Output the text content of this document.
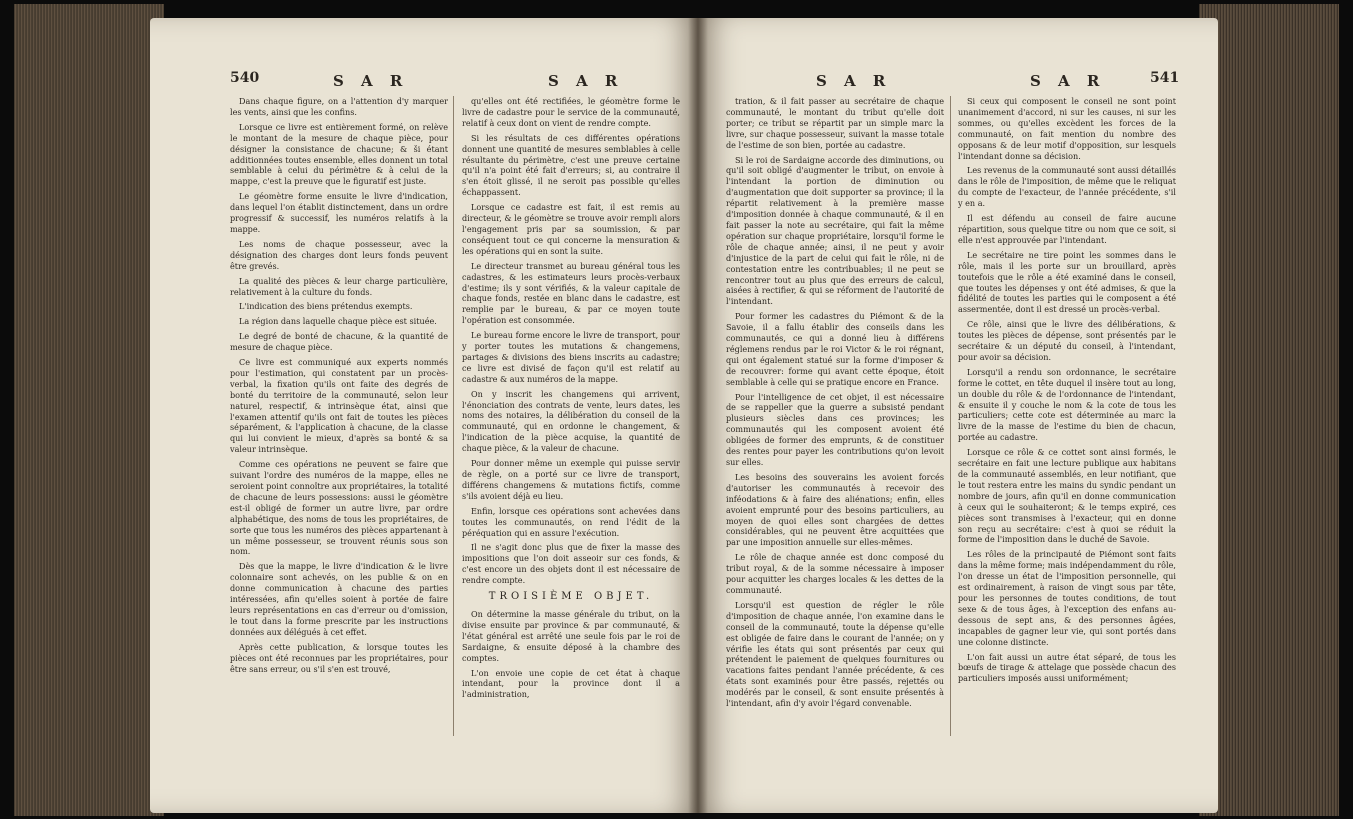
540	S A R	S A R

Dans chaque figure, on a l'attention d'y marquer les vents, ainsi que les confins.

Lorsque ce livre est entièrement formé, on relève le montant de la mesure de chaque pièce, pour désigner la consistance de chacune; & ši étant additionnées toutes ensemble, elles donnent un total semblable à celui du périmètre & à celui de la mappe, c'est la preuve que le figuratif est juste.

Le géomètre forme ensuite le livre d'indication, dans lequel l'on établit distinctement, dans un ordre progressif & successif, les numéros relatifs à la mappe.

Les noms de chaque possesseur, avec la désignation des charges dont leurs fonds peuvent être grevés.

La qualité des pièces & leur charge particulière, relativement à la culture du fonds.

L'indication des biens prétendus exempts.

La région dans laquelle chaque pièce est située.

Le degré de bonté de chacune, & la quantité de mesure de chaque pièce.

Ce livre est communiqué aux experts nommés pour l'estimation, qui constatent par un procès-verbal, la fixation qu'ils ont faite des degrés de bonté du territoire de la communauté, selon leur naturel, respectif, & intrinsèque état, ainsi que l'examen attentif qu'ils ont fait de toutes les pièces séparément, & l'application à chacune, de la classe qui lui convient le mieux, d'après sa bonté & sa valeur intrinsèque.

Comme ces opérations ne peuvent se faire que suivant l'ordre des numéros de la mappe, elles ne seroient point connoître aux propriétaires, la totalité de chacune de leurs possessions: aussi le géomètre est-il obligé de former un autre livre, par ordre alphabétique, des noms de tous les propriétaires, de sorte que tous les numéros des pièces appartenant à un même possesseur, se trouvent réunis sous son nom.

Dès que la mappe, le livre d'indication & le livre colonnaire sont achevés, on les publie & on en donne communication à chacune des parties intéressées, afin qu'elles soient à portée de faire leurs représentations en cas d'erreur ou d'omission, le tout dans la forme prescrite par les instructions données aux délégués à cet effet.

Après cette publication, & lorsque toutes les pièces ont été reconnues par les propriétaires, pour être sans erreur, ou s'il s'en est trouvé,

qu'elles ont été rectifiées, le géomètre forme le livre de cadastre pour le service de la communauté, relatif à ceux dont on vient de rendre compte.

Si les résultats de ces différentes opérations donnent une quantité de mesures semblables à celle résultante du périmètre, c'est une preuve certaine qu'il n'a point été fait d'erreurs; si, au contraire il s'en étoit glissé, il ne seroit pas possible qu'elles échappassent.

Lorsque ce cadastre est fait, il est remis au directeur, & le géomètre se trouve avoir rempli alors l'engagement pris par sa soumission, & par conséquent tout ce qui concerne la mensuration & les opérations qui en sont la suite.

Le directeur transmet au bureau général tous les cadastres, & les estimateurs leurs procès-verbaux d'estime; ils y sont vérifiés, & la valeur capitale de chaque fonds, restée en blanc dans le cadastre, est remplie par le bureau, & par ce moyen toute l'opération est consommée.

Le bureau forme encore le livre de transport, pour y porter toutes les mutations & changemens, partages & divisions des biens inscrits au cadastre; ce livre est divisé de façon qu'il est relatif au cadastre & aux numéros de la mappe.

On y inscrit les changemens qui arrivent, l'énonciation des contrats de vente, leurs dates, les noms des notaires, la délibération du conseil de la communauté, qui en ordonne le changement, & l'indication de la pièce acquise, la quantité de chaque pièce, & la valeur de chacune.

Pour donner même un exemple qui puisse servir de règle, on a porté sur ce livre de transport, différens changemens & mutations fictifs, comme s'ils avoient déjà eu lieu.

Enfin, lorsque ces opérations sont achevées dans toutes les communautés, on rend l'édit de la péréquation qui en assure l'exécution.

Il ne s'agit donc plus que de fixer la masse des impositions que l'on doit asseoir sur ces fonds, & c'est encore un des objets dont il est nécessaire de rendre compte.

TROISIÈME OBJET.

On détermine la masse générale du tribut, on la divise ensuite par province & par communauté, & l'état général est arrêté une seule fois par le roi de Sardaigne, & ensuite déposé à la chambre des comptes.

L'on envoie une copie de cet état à chaque intendant, pour la province dont il a l'administration,

S A R	S A R	541

tration, & il fait passer au secrétaire de chaque communauté, le montant du tribut qu'elle doit porter; ce tribut se répartit par un simple marc la livre, sur chaque possesseur, suivant la masse totale de l'estime de son bien, portée au cadastre.

Si le roi de Sardaigne accorde des diminutions, ou qu'il soit obligé d'augmenter le tribut, on envoie à l'intendant la portion de diminution ou d'augmentation que doit supporter sa province; il la répartit relativement à la première masse d'imposition donnée à chaque communauté, & il en fait passer la note au secrétaire, qui fait la même opération sur chaque propriétaire, lorsqu'il forme le rôle de chaque année; ainsi, il ne peut y avoir d'injustice de la part de celui qui fait le rôle, ni de contestation entre les contribuables; il ne peut se rencontrer tout au plus que des erreurs de calcul, aisées à rectifier, & qui se réforment de l'autorité de l'intendant.

Pour former les cadastres du Piémont & de la Savoie, il a fallu établir des conseils dans les communautés, ce qui a donné lieu à différens réglemens rendus par le roi Victor & le roi régnant, qui ont également statué sur la forme d'imposer & de recouvrer: forme qui avant cette époque, étoit semblable à celle qui se pratique encore en France.

Pour l'intelligence de cet objet, il est nécessaire de se rappeller que la guerre a subsisté pendant plusieurs siècles dans ces provinces; les communautés qui les composent avoient été obligées de former des emprunts, & de constituer des rentes pour payer les contributions qu'on levoit sur elles.

Les besoins des souverains les avoient forcés d'autoriser les communautés à recevoir des inféodations & à faire des aliénations; enfin, elles avoient emprunté pour des besoins particuliers, au moyen de quoi elles sont chargées de dettes considérables, qui ne peuvent être acquittées que par une imposition annuelle sur elles-mêmes.

Le rôle de chaque année est donc composé du tribut royal, & de la somme nécessaire à imposer pour acquitter les charges locales & les dettes de la communauté.

Lorsqu'il est question de régler le rôle d'imposition de chaque année, l'on examine dans le conseil de la communauté, toute la dépense qu'elle est obligée de faire dans le courant de l'année; on y vérifie les états qui sont présentés par ceux qui prétendent le paiement de quelques fournitures ou vacations faites pendant l'année précédente, & ces états sont examinés pour être passés, rejettés ou modérés par le conseil, & sont ensuite présentés à l'intendant, afin d'y avoir l'égard convenable.

Si ceux qui composent le conseil ne sont point unanimement d'accord, ni sur les causes, ni sur les sommes, ou qu'elles excèdent les forces de la communauté, on fait mention du nombre des opposans & de leur motif d'opposition, sur lesquels l'intendant donne sa décision.

Les revenus de la communauté sont aussi détaillés dans le rôle de l'imposition, de même que le reliquat du compte de l'exacteur, de l'année précédente, s'il y en a.

Il est défendu au conseil de faire aucune répartition, sous quelque titre ou nom que ce soit, si elle n'est approuvée par l'intendant.

Le secrétaire ne tire point les sommes dans le rôle, mais il les porte sur un brouillard, après toutefois que le rôle a été examiné dans le conseil, que toutes les dépenses y ont été admises, & que la fidélité de toutes les parties qui le composent a été assermentée, dont il est dressé un procès-verbal.

Ce rôle, ainsi que le livre des délibérations, & toutes les pièces de dépense, sont présentés par le secrétaire & un député du conseil, à l'intendant, pour avoir sa décision.

Lorsqu'il a rendu son ordonnance, le secrétaire forme le cottet, en tête duquel il insère tout au long, un double du rôle & de l'ordonnance de l'intendant, & ensuite il y couche le nom & la cote de tous les particuliers; cette cote est déterminée au marc la livre de la masse de l'estime du bien de chacun, portée au cadastre.

Lorsque ce rôle & ce cottet sont ainsi formés, le secrétaire en fait une lecture publique aux habitans de la communauté assemblés, en leur notifiant, que le tout restera entre les mains du syndic pendant un nombre de jours, afin qu'il en donne communication à ceux qui le souhaiteront; & le temps expiré, ces pièces sont transmises à l'exacteur, qui en donne son reçu au secrétaire: c'est à quoi se réduit la forme de l'imposition dans le duché de Savoie.

Les rôles de la principauté de Piémont sont faits dans la même forme; mais indépendamment du rôle, l'on dresse un état de l'imposition personnelle, qui est ordinairement, à raison de vingt sous par tête, pour les personnes de toutes conditions, de tout sexe & de tous âges, à l'exception des enfans au-dessous de sept ans, & des personnes âgées, incapables de gagner leur vie, qui sont portés dans une colonne distincte.

L'on fait aussi un autre état séparé, de tous les bœufs de tirage & attelage que possède chacun des particuliers imposés aussi uniformément;
